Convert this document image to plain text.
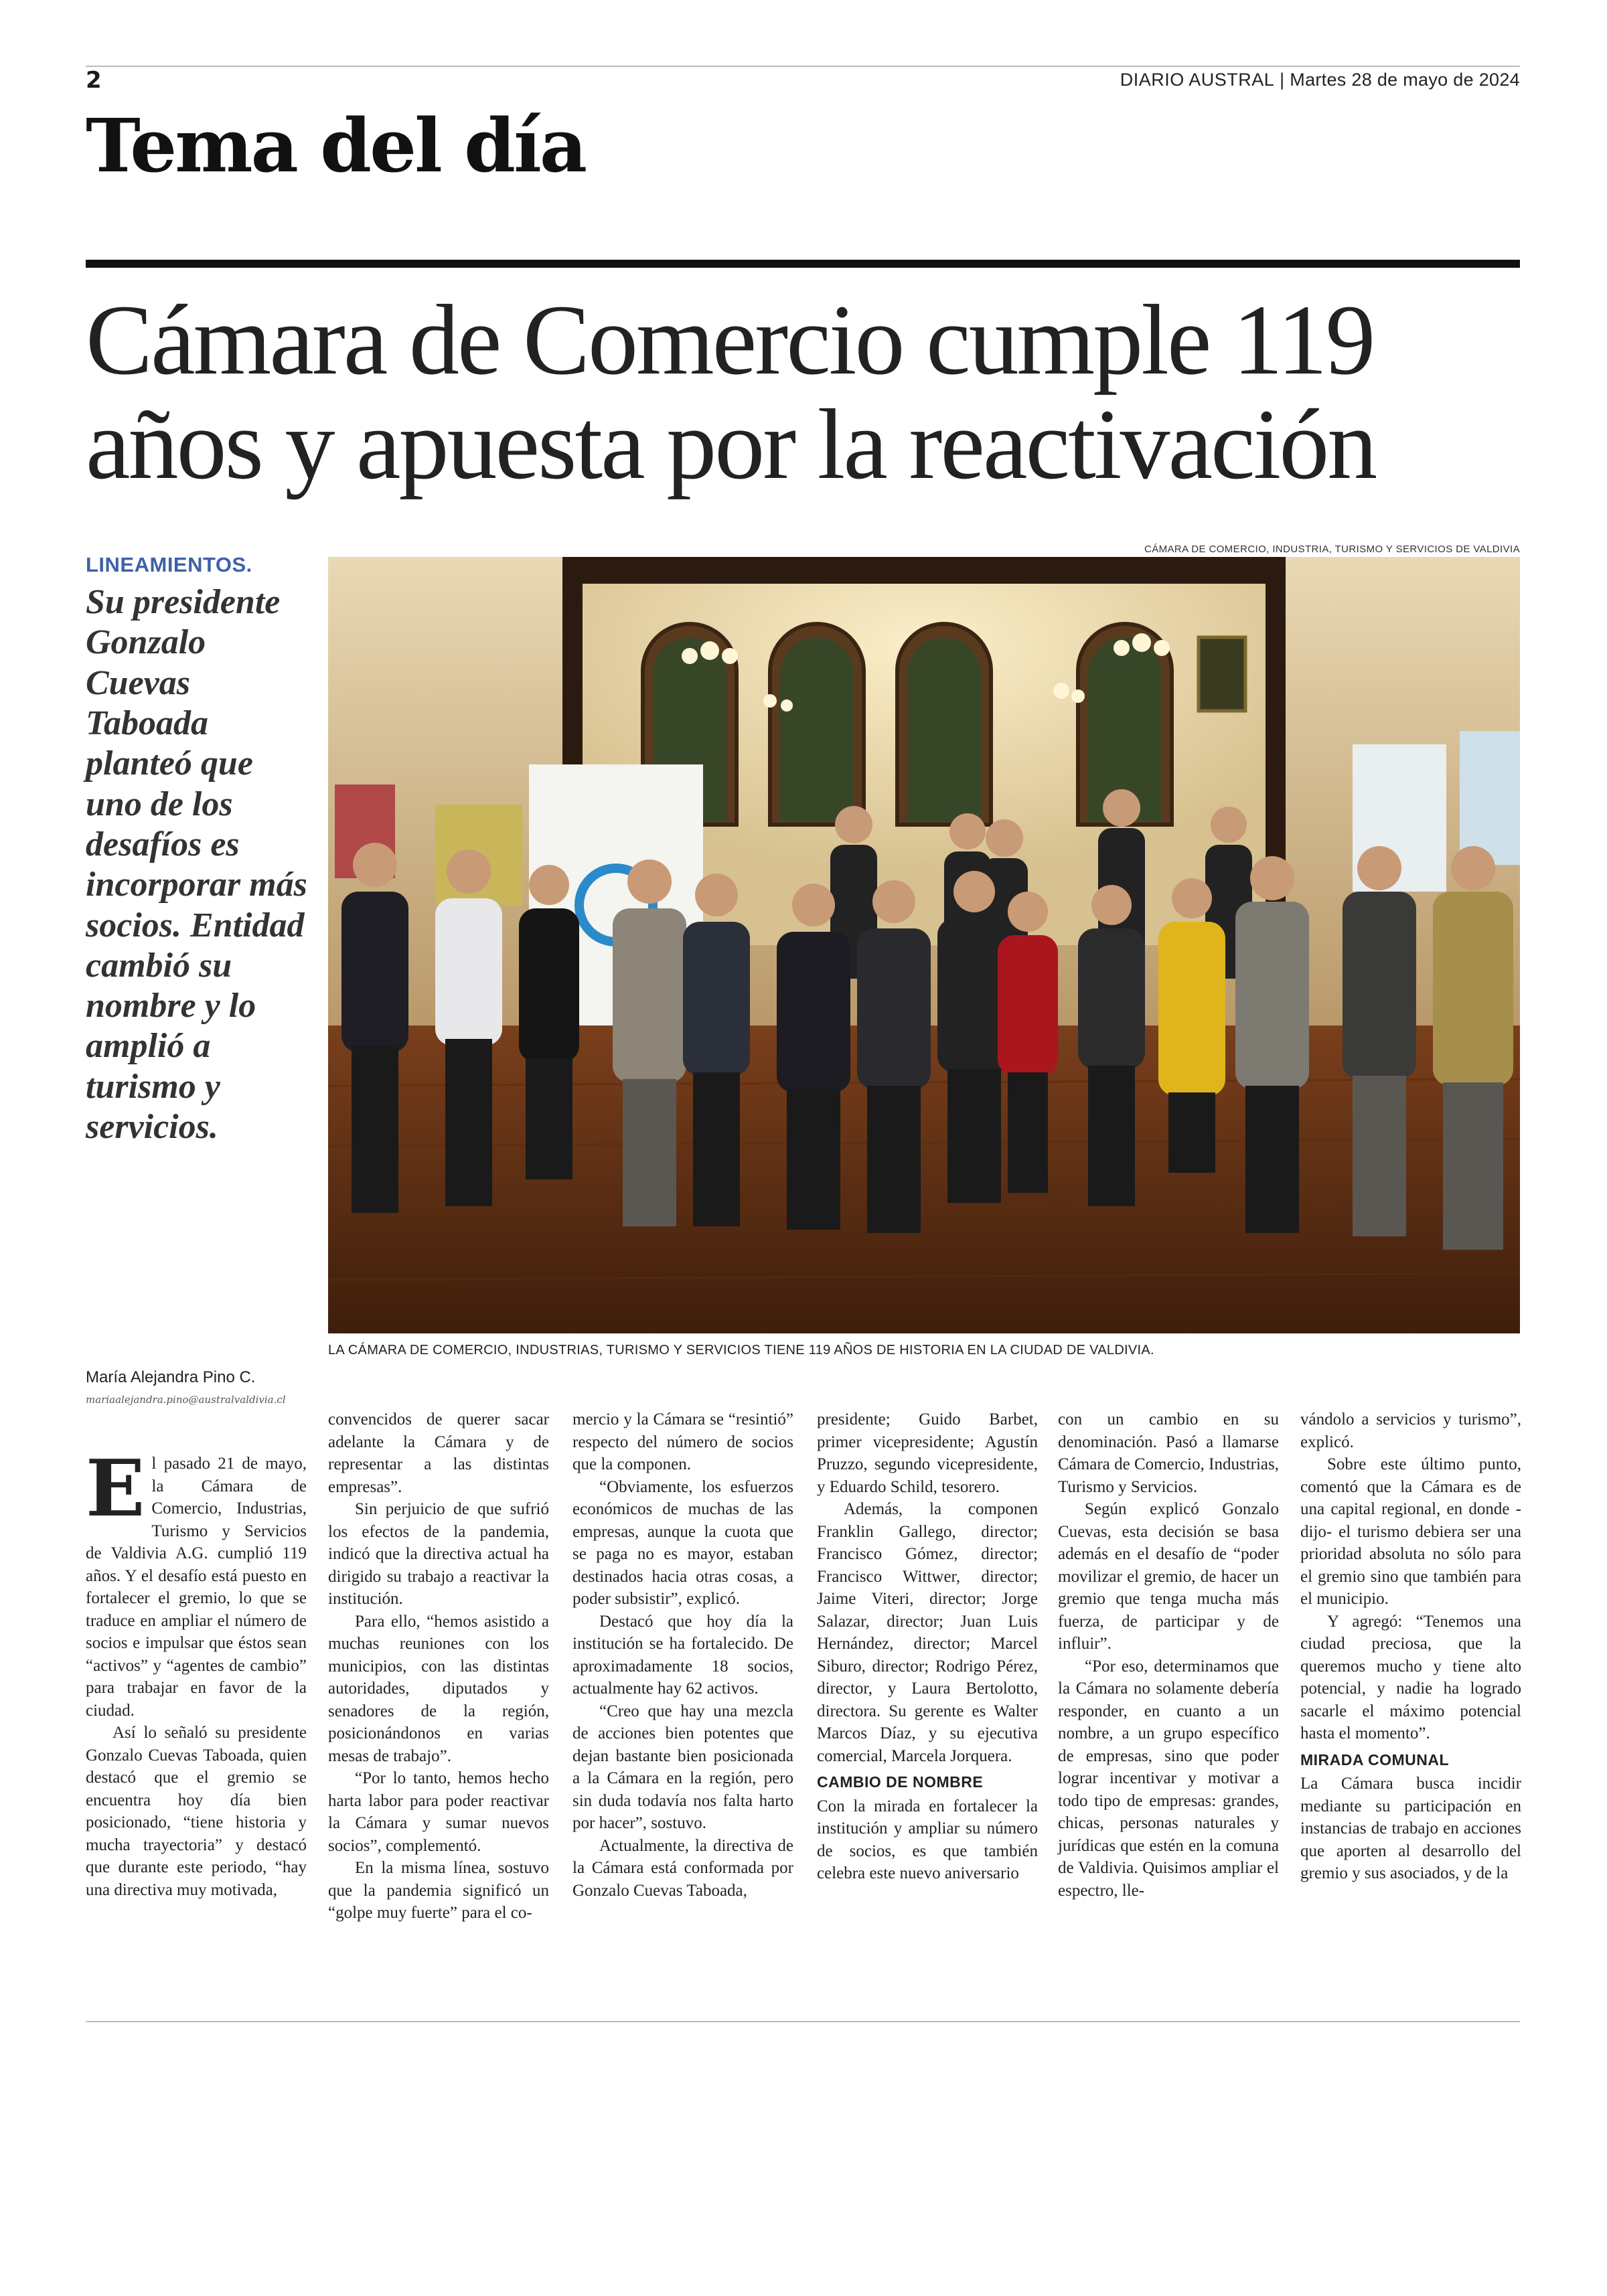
2	DIARIO AUSTRAL | Martes 28 de mayo de 2024
Tema del día
Cámara de Comercio cumple 119 años y apuesta por la reactivación
LINEAMIENTOS.
Su presidente Gonzalo Cuevas Taboada planteó que uno de los desafíos es incorporar más socios. Entidad cambió su nombre y lo amplió a turismo y servicios.
CÁMARA DE COMERCIO, INDUSTRIA, TURISMO Y SERVICIOS DE VALDIVIA
LA CÁMARA DE COMERCIO, INDUSTRIAS, TURISMO Y SERVICIOS TIENE 119 AÑOS DE HISTORIA EN LA CIUDAD DE VALDIVIA.
María Alejandra Pino C.
mariaalejandra.pino@australvaldivia.cl
E l pasado 21 de mayo, la Cámara de Comercio, Industrias, Turismo y Servicios de Valdivia A.G. cumplió 119 años. Y el desafío está puesto en fortalecer el gremio, lo que se traduce en ampliar el número de socios e impulsar que éstos sean “activos” y “agentes de cambio” para trabajar en favor de la ciudad.

Así lo señaló su presidente Gonzalo Cuevas Taboada, quien destacó que el gremio se encuentra hoy día bien posicionado, “tiene historia y mucha trayectoria” y destacó que durante este periodo, “hay una directiva muy motivada,

convencidos de querer sacar adelante la Cámara y de representar a las distintas empresas”.

Sin perjuicio de que sufrió los efectos de la pandemia, indicó que la directiva actual ha dirigido su trabajo a reactivar la institución.

Para ello, “hemos asistido a muchas reuniones con los municipios, con las distintas autoridades, diputados y senadores de la región, posicionándonos en varias mesas de trabajo”.

“Por lo tanto, hemos hecho harta labor para poder reactivar la Cámara y sumar nuevos socios”, complementó.

En la misma línea, sostuvo que la pandemia significó un “golpe muy fuerte” para el co-

mercio y la Cámara se “resintió” respecto del número de socios que la componen.

“Obviamente, los esfuerzos económicos de muchas de las empresas, aunque la cuota que se paga no es mayor, estaban destinados hacia otras cosas, a poder subsistir”, explicó.

Destacó que hoy día la institución se ha fortalecido. De aproximadamente 18 socios, actualmente hay 62 activos.

“Creo que hay una mezcla de acciones bien potentes que dejan bastante bien posicionada a la Cámara en la región, pero sin duda todavía nos falta harto por hacer”, sostuvo.

Actualmente, la directiva de la Cámara está conformada por Gonzalo Cuevas Taboada,

presidente; Guido Barbet, primer vicepresidente; Agustín Pruzzo, segundo vicepresidente, y Eduardo Schild, tesorero.

Además, la componen Franklin Gallego, director; Francisco Gómez, director; Francisco Wittwer, director; Jaime Viteri, director; Jorge Salazar, director; Juan Luis Hernández, director; Marcel Siburo, director; Rodrigo Pérez, director, y Laura Bertolotto, directora. Su gerente es Walter Marcos Díaz, y su ejecutiva comercial, Marcela Jorquera.

CAMBIO DE NOMBRE

Con la mirada en fortalecer la institución y ampliar su número de socios, es que también celebra este nuevo aniversario

con un cambio en su denominación. Pasó a llamarse Cámara de Comercio, Industrias, Turismo y Servicios.

Según explicó Gonzalo Cuevas, esta decisión se basa además en el desafío de “poder movilizar el gremio, de hacer un gremio que tenga mucha más fuerza, de participar y de influir”.

“Por eso, determinamos que la Cámara no solamente debería responder, en cuanto a un nombre, a un grupo específico de empresas, sino que poder lograr incentivar y motivar a todo tipo de empresas: grandes, chicas, personas naturales y jurídicas que estén en la comuna de Valdivia. Quisimos ampliar el espectro, lle-

vándolo a servicios y turismo”, explicó.

Sobre este último punto, comentó que la Cámara es de una capital regional, en donde -dijo- el turismo debiera ser una prioridad absoluta no sólo para el gremio sino que también para el municipio.

Y agregó: “Tenemos una ciudad preciosa, que la queremos mucho y tiene alto potencial, y nadie ha logrado sacarle el máximo potencial hasta el momento”.

MIRADA COMUNAL

La Cámara busca incidir mediante su participación en instancias de trabajo en acciones que aporten al desarrollo del gremio y sus asociados, y de la
